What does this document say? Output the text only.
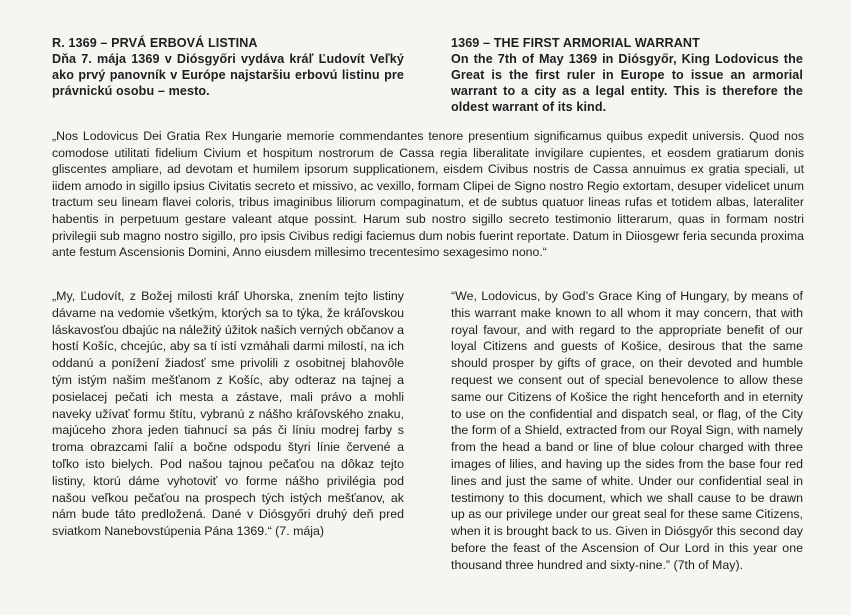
R. 1369 – PRVÁ ERBOVÁ LISTINA
Dňa 7. mája 1369 v Diósgyőri vydáva kráľ Ľudovít Veľký ako prvý panovník v Európe najstaršiu erbovú listinu pre právnickú osobu – mesto.
1369 – THE FIRST ARMORIAL WARRANT
On the 7th of May 1369 in Diósgyőr, King Lodovicus the Great is the first ruler in Europe to issue an armorial warrant to a city as a legal entity. This is therefore the oldest warrant of its kind.
„Nos Lodovicus Dei Gratia Rex Hungarie memorie commendantes tenore presentium significamus quibus expedit universis. Quod nos comodose utilitati fidelium Civium et hospitum nostrorum de Cassa regia liberalitate invigilare cupientes, et eosdem gratiarum donis gliscentes ampliare, ad devotam et humilem ipsorum supplicationem, eisdem Civibus nostris de Cassa annuimus ex gratia speciali, ut iidem amodo in sigillo ipsius Civitatis secreto et missivo, ac vexillo, formam Clipei de Signo nostro Regio extortam, desuper videlicet unum tractum seu lineam flavei coloris, tribus imaginibus liliorum compaginatum, et de subtus quatuor lineas rufas et totidem albas, lateraliter habentis in perpetuum gestare valeant atque possint. Harum sub nostro sigillo secreto testimonio litterarum, quas in formam nostri privilegii sub magno nostro sigillo, pro ipsis Civibus redigi faciemus dum nobis fuerint reportate. Datum in Diiosgewr feria secunda proxima ante festum Ascensionis Domini, Anno eiusdem millesimo trecentesimo sexagesimo nono.“
„My, Ľudovít, z Božej milosti kráľ Uhorska, znením tejto listiny dávame na vedomie všetkým, ktorých sa to týka, že kráľovskou láskavosťou dbajúc na náležitý úžitok našich verných občanov a hostí Košíc, chcejúc, aby sa tí istí vzmáhali darmi milostí, na ich oddanú a ponížení žiadosť sme privolili z osobitnej blahovôle tým istým našim mešťanom z Košíc, aby odteraz na tajnej a posielacej pečati ich mesta a zástave, mali právo a mohli naveky užívať formu štítu, vybranú z nášho kráľovského znaku, majúceho zhora jeden tiahnucí sa pás či líniu modrej farby s troma obrazcami ľalií a bočne odspodu štyri línie červené a toľko isto bielych. Pod našou tajnou pečaťou na dôkaz tejto listiny, ktorú dáme vyhotoviť vo forme nášho privilégia pod našou veľkou pečaťou na prospech tých istých mešťanov, ak nám bude táto predložená. Dané v Diósgyőri druhý deň pred sviatkom Nanebovstúpenia Pána 1369.“ (7. mája)
“We, Lodovicus, by God’s Grace King of Hungary, by means of this warrant make known to all whom it may concern, that with royal favour, and with regard to the appropriate benefit of our loyal Citizens and guests of Košice, desirous that the same should prosper by gifts of grace, on their devoted and humble request we consent out of special benevolence to allow these same our Citizens of Košice the right henceforth and in eternity to use on the confidential and dispatch seal, or flag, of the City the form of a Shield, extracted from our Royal Sign, with namely from the head a band or line of blue colour charged with three images of lilies, and having up the sides from the base four red lines and just the same of white. Under our confidential seal in testimony to this document, which we shall cause to be drawn up as our privilege under our great seal for these same Citizens, when it is brought back to us. Given in Diósgyőr this second day before the feast of the Ascension of Our Lord in this year one thousand three hundred and sixty-nine.” (7th of May).
